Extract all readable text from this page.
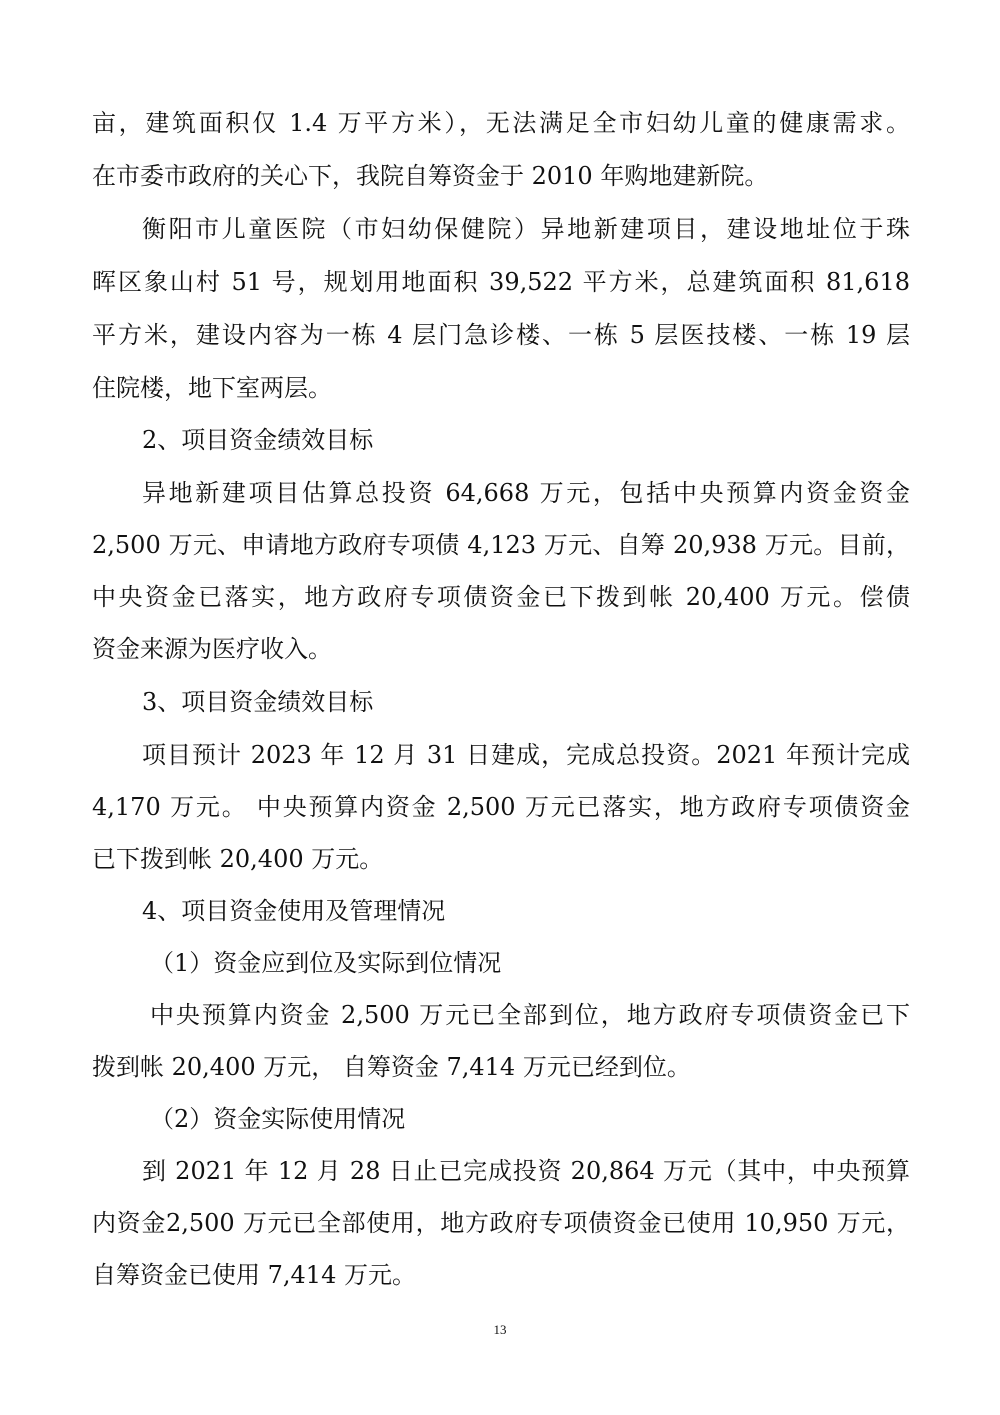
亩，建筑面积仅 1.4 万平方米），无法满足全市妇幼儿童的健康需求。
在市委市政府的关心下，我院自筹资金于 2010 年购地建新院。
衡阳市儿童医院（市妇幼保健院）异地新建项目，建设地址位于珠
晖区象山村 51 号，规划用地面积 39,522 平方米，总建筑面积 81,618
平方米，建设内容为一栋 4 层门急诊楼、一栋 5 层医技楼、一栋 19 层
住院楼，地下室两层。
2、项目资金绩效目标
异地新建项目估算总投资 64,668 万元，包括中央预算内资金资金
2,500 万元、申请地方政府专项债 4,123 万元、自筹 20,938 万元。目前，
中央资金已落实，地方政府专项债资金已下拨到帐 20,400 万元。偿债
资金来源为医疗收入。
3、项目资金绩效目标
项目预计 2023 年 12 月 31 日建成，完成总投资。2021 年预计完成
4,170 万元。 中央预算内资金 2,500 万元已落实，地方政府专项债资金
已下拨到帐 20,400 万元。
4、项目资金使用及管理情况
（1）资金应到位及实际到位情况
中央预算内资金 2,500 万元已全部到位，地方政府专项债资金已下
拨到帐 20,400 万元， 自筹资金 7,414 万元已经到位。
（2）资金实际使用情况
到 2021 年 12 月 28 日止已完成投资 20,864 万元（其中，中央预算
内资金2,500 万元已全部使用，地方政府专项债资金已使用 10,950 万元，
自筹资金已使用 7,414 万元。
13
